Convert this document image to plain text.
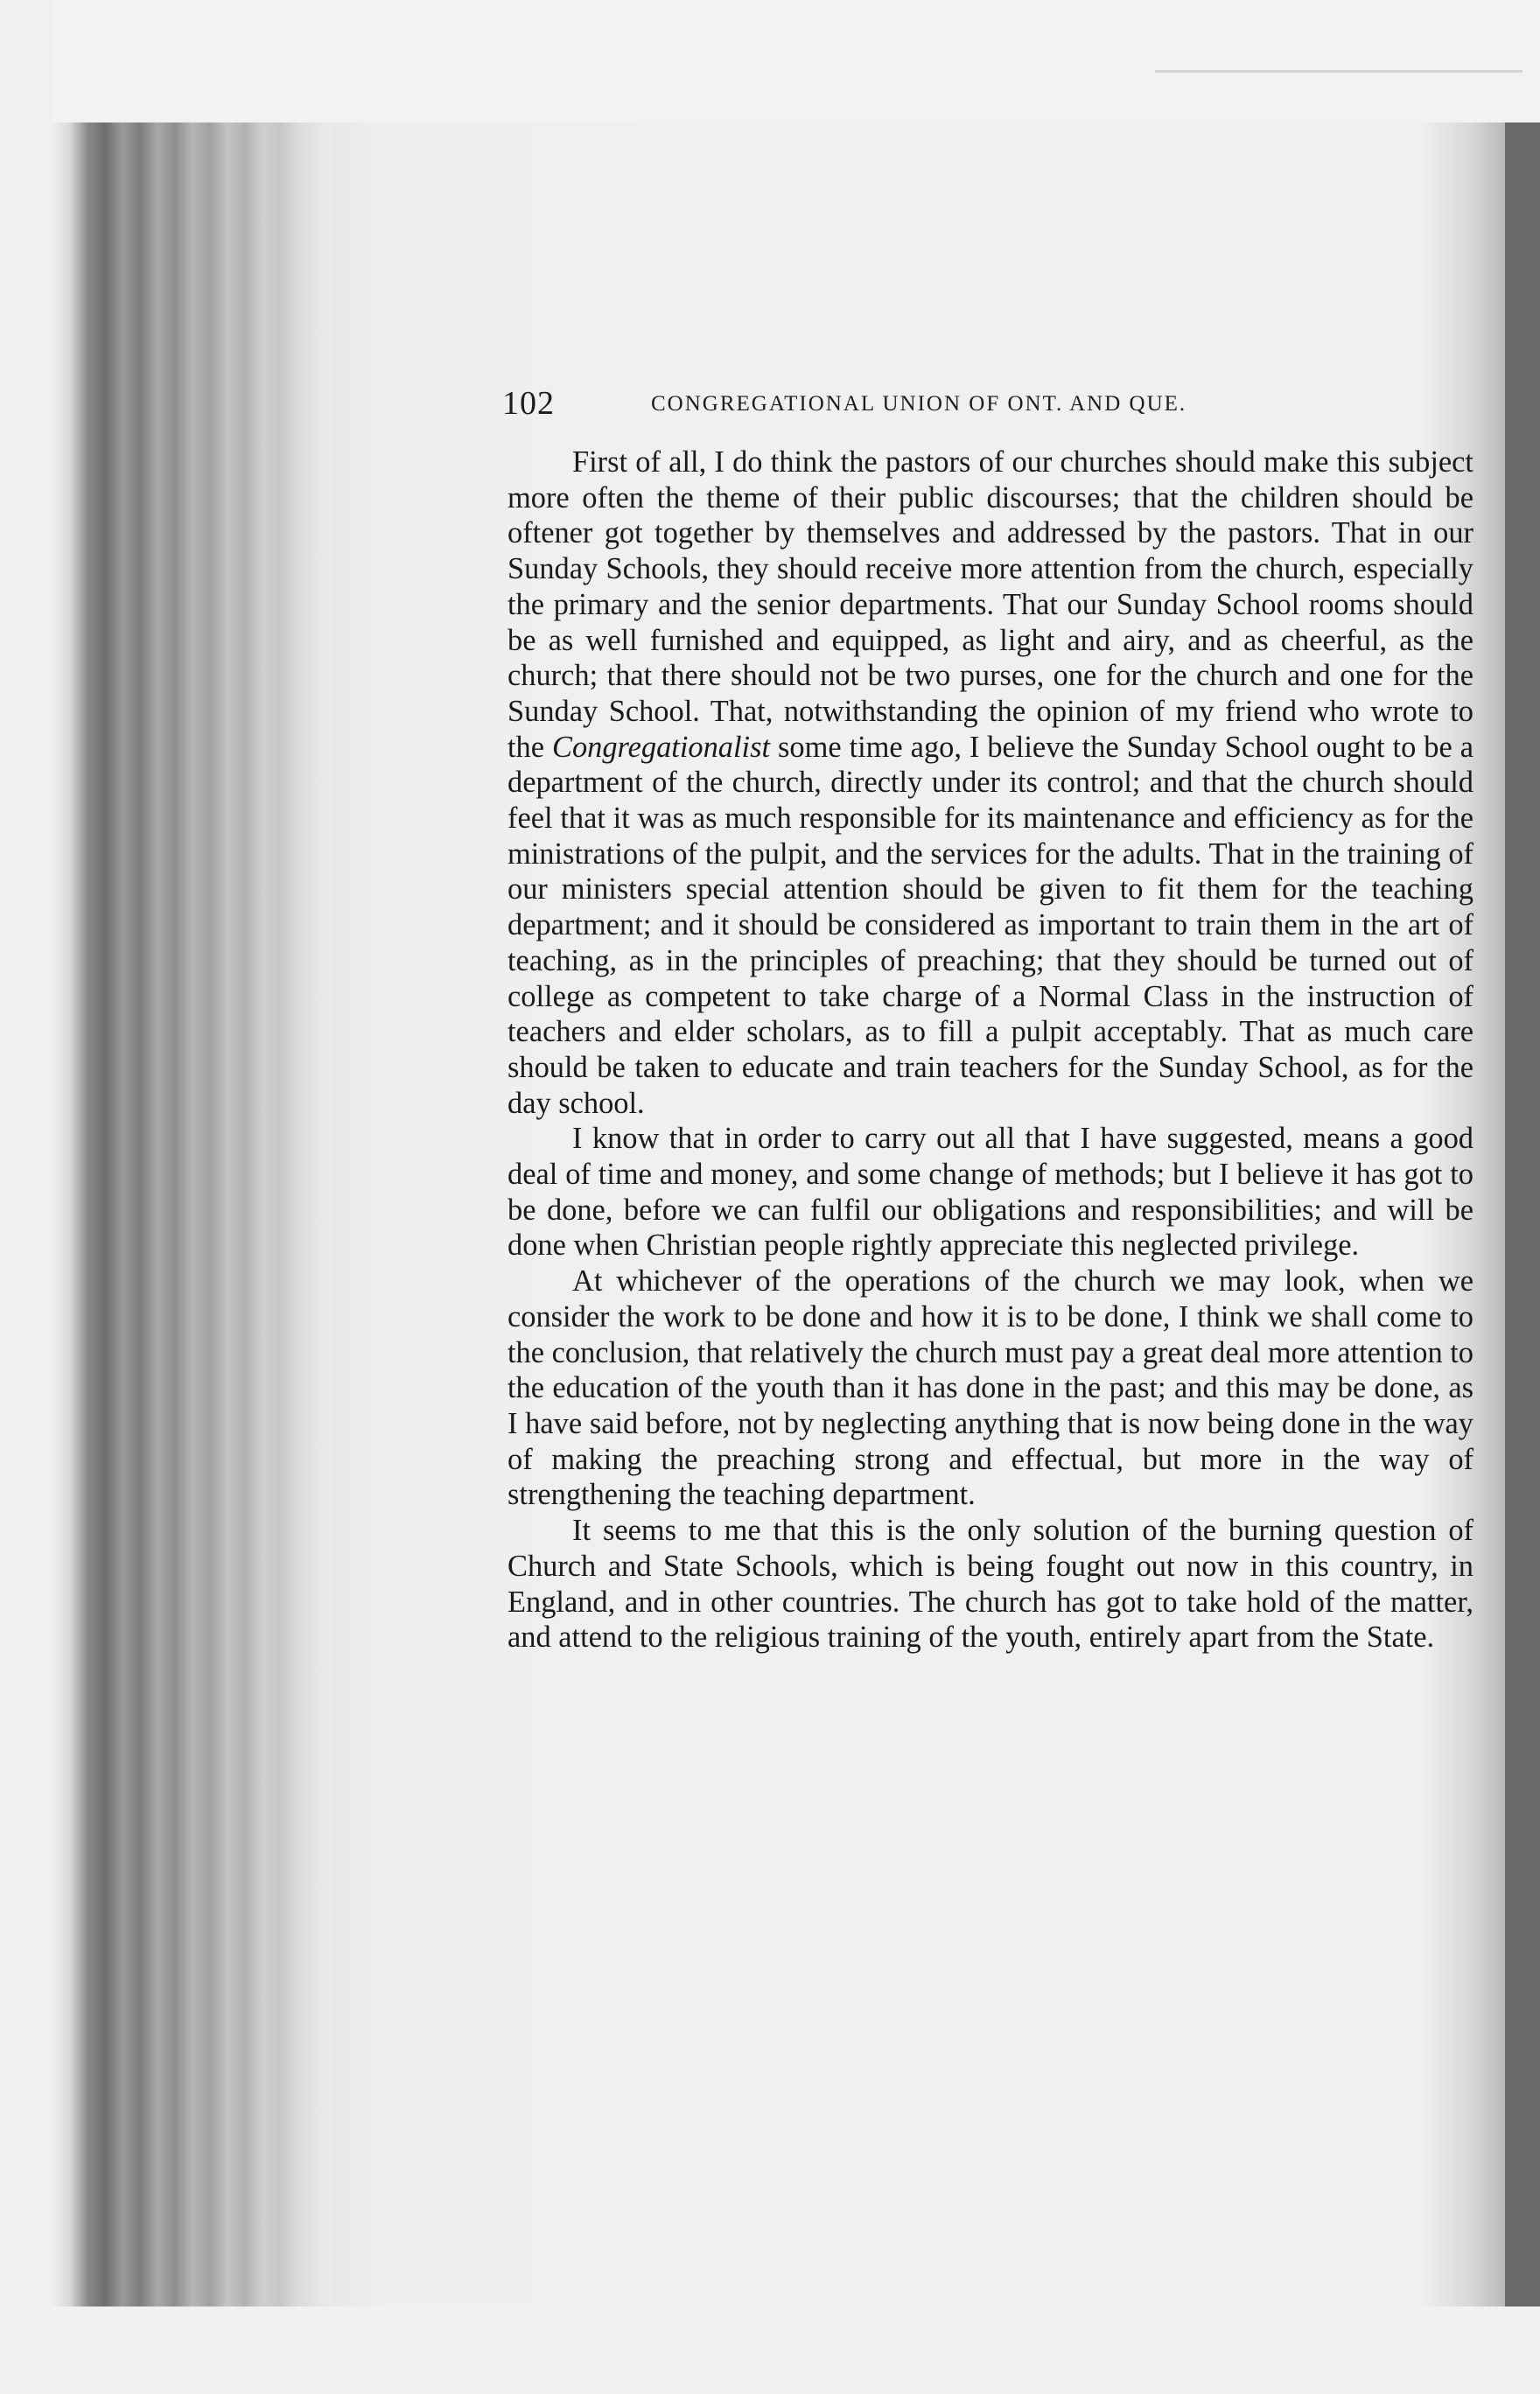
102	CONGREGATIONAL UNION OF ONT. AND QUE.

First of all, I do think the pastors of our churches should make this subject more often the theme of their public discourses; that the children should be oftener got together by themselves and addressed by the pastors. That in our Sunday Schools, they should receive more attention from the church, especially the primary and the senior departments. That our Sunday School rooms should be as well furnished and equipped, as light and airy, and as cheerful, as the church; that there should not be two purses, one for the church and one for the Sunday School. That, notwithstanding the opinion of my friend who wrote to the Congregationalist some time ago, I believe the Sunday School ought to be a department of the church, directly under its control; and that the church should feel that it was as much responsible for its maintenance and efficiency as for the ministrations of the pulpit, and the services for the adults. That in the training of our ministers special attention should be given to fit them for the teaching department; and it should be considered as important to train them in the art of teaching, as in the principles of preaching; that they should be turned out of college as competent to take charge of a Normal Class in the instruction of teachers and elder scholars, as to fill a pulpit acceptably. That as much care should be taken to educate and train teachers for the Sunday School, as for the day school.

I know that in order to carry out all that I have suggested, means a good deal of time and money, and some change of methods; but I believe it has got to be done, before we can fulfil our obligations and responsibilities; and will be done when Christian people rightly appreciate this neglected privilege.

At whichever of the operations of the church we may look, when we consider the work to be done and how it is to be done, I think we shall come to the conclusion, that relatively the church must pay a great deal more attention to the education of the youth than it has done in the past; and this may be done, as I have said before, not by neglecting anything that is now being done in the way of making the preaching strong and effectual, but more in the way of strengthening the teaching department.

It seems to me that this is the only solution of the burning question of Church and State Schools, which is being fought out now in this country, in England, and in other countries. The church has got to take hold of the matter, and attend to the religious training of the youth, entirely apart from the State.
